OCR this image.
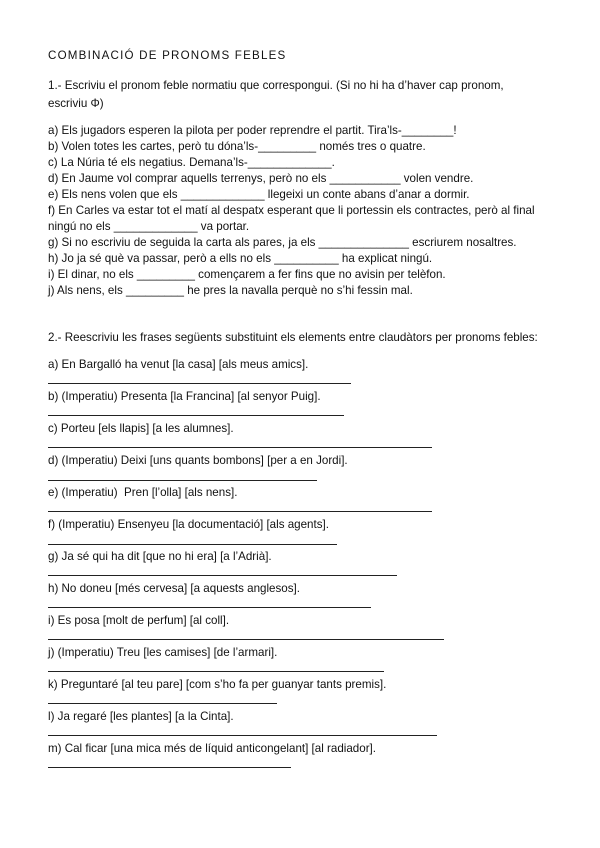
COMBINACIÓ DE PRONOMS FEBLES
1.- Escriviu el pronom feble normatiu que correspongui. (Si no hi ha d’haver cap pronom,
escriviu Φ)
a) Els jugadors esperen la pilota per poder reprendre el partit. Tira’ls-________!
b) Volen totes les cartes, però tu dóna’ls-_________ només tres o quatre.
c) La Núria té els negatius. Demana’ls-_____________.
d) En Jaume vol comprar aquells terrenys, però no els ___________ volen vendre.
e) Els nens volen que els _____________ llegeixi un conte abans d’anar a dormir.
f) En Carles va estar tot el matí al despatx esperant que li portessin els contractes, però al final
ningú no els _____________ va portar.
g) Si no escriviu de seguida la carta als pares, ja els ______________ escriurem nosaltres.
h) Jo ja sé què va passar, però a ells no els __________ ha explicat ningú.
i) El dinar, no els _________ començarem a fer fins que no avisin per telèfon.
j) Als nens, els _________ he pres la navalla perquè no s’hi fessin mal.
2.- Reescriviu les frases següents substituint els elements entre claudàtors per pronoms febles:
a) En Bargalló ha venut [la casa] [als meus amics].
b) (Imperatiu) Presenta [la Francina] [al senyor Puig].
c) Porteu [els llapis] [a les alumnes].
d) (Imperatiu) Deixi [uns quants bombons] [per a en Jordi].
e) (Imperatiu)  Pren [l’olla] [als nens].
f) (Imperatiu) Ensenyeu [la documentació] [als agents].
g) Ja sé qui ha dit [que no hi era] [a l’Adrià].
h) No doneu [més cervesa] [a aquests anglesos].
i) Es posa [molt de perfum] [al coll].
j) (Imperatiu) Treu [les camises] [de l’armari].
k) Preguntaré [al teu pare] [com s’ho fa per guanyar tants premis].
l) Ja regaré [les plantes] [a la Cinta].
m) Cal ficar [una mica més de líquid anticongelant] [al radiador].
